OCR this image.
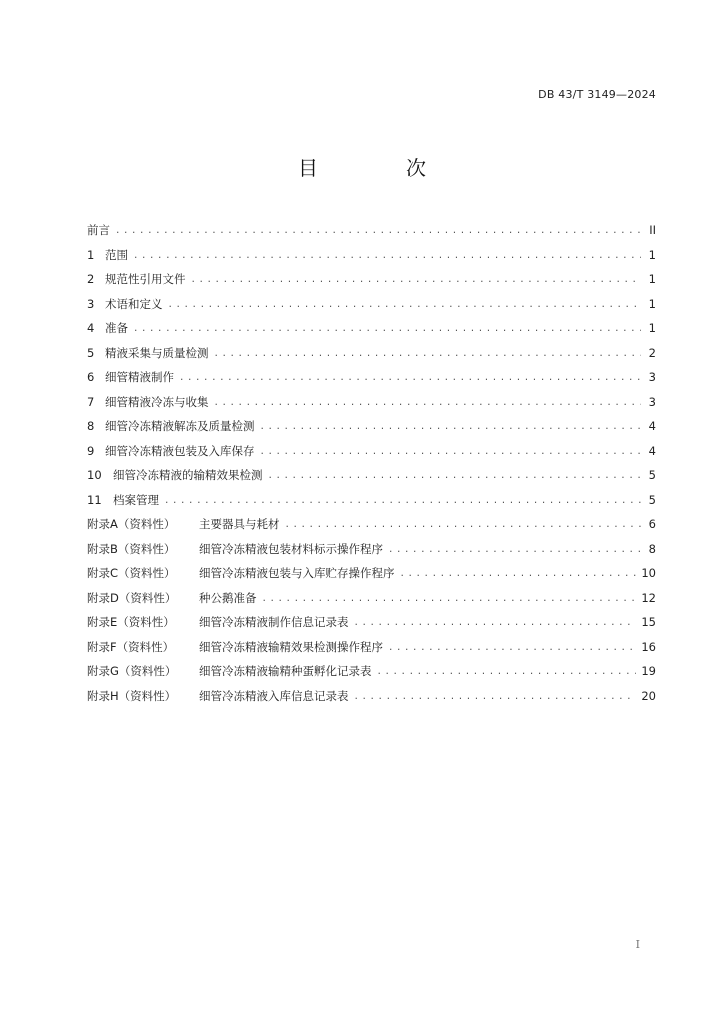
DB 43/T 3149—2024
目　次
前言 .....	II
1 范围 .....	1
2 规范性引用文件 .....	1
3 术语和定义 .....	1
4 准备 .....	1
5 精液采集与质量检测 .....	2
6 细管精液制作 .....	3
7 细管精液冷冻与收集 .....	3
8 细管冷冻精液解冻及质量检测 .....	4
9 细管冷冻精液包装及入库保存 .....	4
10 细管冷冻精液的输精效果检测 .....	5
11 档案管理 .....	5
附录A（资料性）	主要器具与耗材 .....	6
附录B（资料性）	细管冷冻精液包装材料标示操作程序 .....	8
附录C（资料性）	细管冷冻精液包装与入库贮存操作程序 .....	10
附录D（资料性）	种公鹅准备 .....	12
附录E（资料性）	细管冷冻精液制作信息记录表 .....	15
附录F（资料性）	细管冷冻精液输精效果检测操作程序 .....	16
附录G（资料性）	细管冷冻精液输精种蛋孵化记录表 .....	19
附录H（资料性）	细管冷冻精液入库信息记录表 .....	20
I
